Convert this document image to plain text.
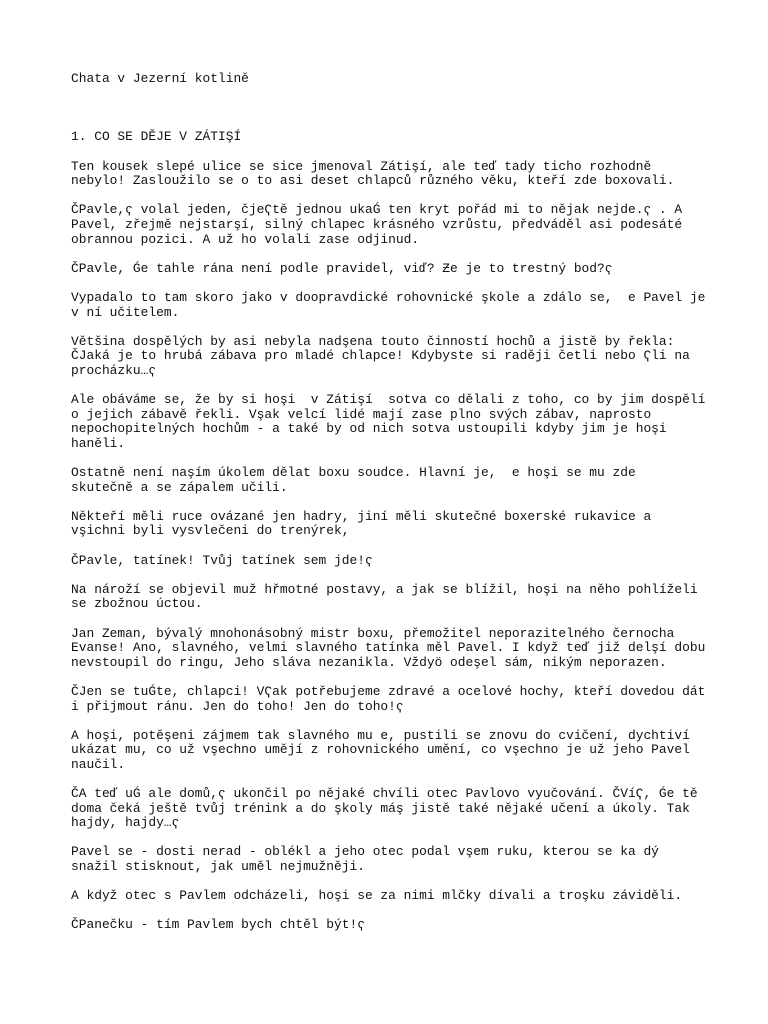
Chata v Jezerní kotlině

1. CO SE DĚJE V ZÁTIŞÍ

Ten kousek slepé ulice se sice jmenoval Zátişí, ale teď tady ticho rozhodně
nebylo! Zasloužilo se o to asi deset chlapců různého věku, kteří zde boxovali.
ČPavle,ҁ volal jeden, čjeҀtě jednou ukaǴ ten kryt pořád mi to nějak nejde.ҁ . A
Pavel, zřejmě nejstarşí, silný chlapec krásného vzrůstu, předváděl asi podesáté
obrannou pozici. A už ho volali zase odjinud.
ČPavle, Ǵe tahle rána není podle pravidel, viď? Ƶe je to trestný bod?ҁ
Vypadalo to tam skoro jako v doopravdické rohovnické şkole a zdálo se,  e Pavel je
v ní učitelem.
Většina dospělých by asi nebyla nadşena touto činností hochů a jistě by řekla:
ČJaká je to hrubá zábava pro mladé chlapce! Kdybyste si raději četli nebo Ҁli na
procházku…ҁ
Ale obáváme se, že by si hoşi  v Zátişí  sotva co dělali z toho, co by jim dospělí
o jejich zábavě řekli. Vşak velcí lidé mají zase plno svých zábav, naprosto
nepochopitelných hochům - a také by od nich sotva ustoupili kdyby jim je hoşi
haněli.
Ostatně není naşím úkolem dělat boxu soudce. Hlavní je,  e hoşi se mu zde
skutečně a se zápalem učili.
Někteří měli ruce ovázané jen hadry, jiní měli skutečné boxerské rukavice a
vşichni byli vysvlečeni do trenýrek,
ČPavle, tatínek! Tvůj tatínek sem jde!ҁ
Na nároží se objevil muž hřmotné postavy, a jak se blížil, hoşi na něho pohlíželi
se zbožnou úctou.
Jan Zeman, bývalý mnohonásobný mistr boxu, přemožitel neporazitelného černocha
Evanse! Ano, slavného, velmi slavného tatínka měl Pavel. I když teď již delşí dobu
nevstoupil do ringu, Jeho sláva nezanikla. Vždyö odeşel sám, nikým neporazen.
ČJen se tuǴte, chlapci! VҀak potřebujeme zdravé a ocelové hochy, kteří dovedou dát
i přijmout ránu. Jen do toho! Jen do toho!ҁ
A hoşi, potěşeni zájmem tak slavného mu e, pustili se znovu do cvičení, dychtiví
ukázat mu, co už vşechno umějí z rohovnického umění, co vşechno je už jeho Pavel
naučil.
ČA teď uǴ ale domů,ҁ ukončil po nějaké chvíli otec Pavlovo vyučování. ČVíҀ, Ǵe tě
doma čeká ještě tvůj trénink a do şkoly máş jistě také nějaké učení a úkoly. Tak
hajdy, hajdy…ҁ
Pavel se - dosti nerad - oblékl a jeho otec podal vşem ruku, kterou se ka dý
snažil stisknout, jak uměl nejmužněji.
A když otec s Pavlem odcházeli, hoşi se za nimi mlčky dívali a troşku záviděli.
ČPanečku - tím Pavlem bych chtěl být!ҁ
